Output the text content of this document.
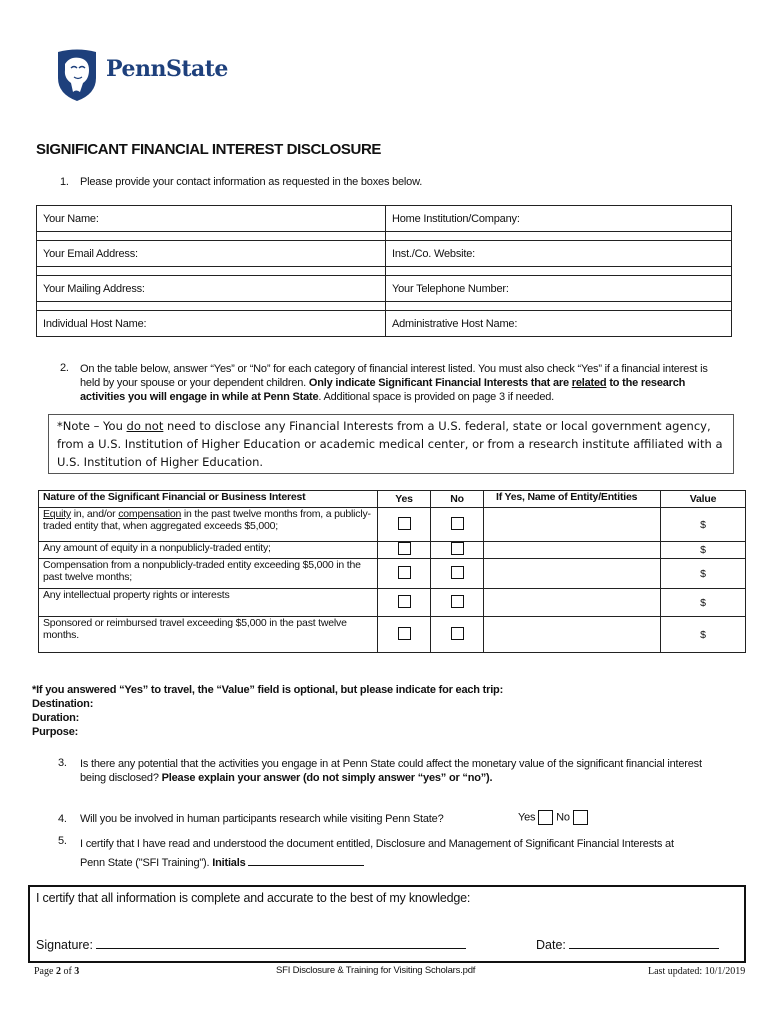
PennState
SIGNIFICANT FINANCIAL INTEREST DISCLOSURE
1. Please provide your contact information as requested in the boxes below.
Your Name:	Home Institution/Company:

Your Email Address:	Inst./Co. Website:

Your Mailing Address:	Your Telephone Number:

Individual Host Name:	Administrative Host Name:
2. On the table below, answer “Yes” or “No” for each category of financial interest listed. You must also check “Yes” if a financial interest is held by your spouse or your dependent children. Only indicate Significant Financial Interests that are related to the research activities you will engage in while at Penn State. Additional space is provided on page 3 if needed.
*Note – You do not need to disclose any Financial Interests from a U.S. federal, state or local government agency, from a U.S. Institution of Higher Education or academic medical center, or from a research institute affiliated with a U.S. Institution of Higher Education.
Nature of the Significant Financial or Business Interest	Yes	No	If Yes, Name of Entity/Entities	Value
Equity in, and/or compensation in the past twelve months from, a publicly-traded entity that, when aggregated exceeds $5,000;				$
Any amount of equity in a nonpublicly-traded entity;				$
Compensation from a nonpublicly-traded entity exceeding $5,000 in the past twelve months;				$
Any intellectual property rights or interests				$
Sponsored or reimbursed travel exceeding $5,000 in the past twelve months.				$
*If you answered “Yes” to travel, the “Value” field is optional, but please indicate for each trip:
Destination:
Duration:
Purpose:
3. Is there any potential that the activities you engage in at Penn State could affect the monetary value of the significant financial interest being disclosed? Please explain your answer (do not simply answer “yes” or “no”).
4. Will you be involved in human participants research while visiting Penn State?	Yes No
5. I certify that I have read and understood the document entitled, Disclosure and Management of Significant Financial Interests at Penn State ("SFI Training"). Initials
I certify that all information is complete and accurate to the best of my knowledge:
Signature:	Date:
Page 2 of 3	SFI Disclosure & Training for Visiting Scholars.pdf	Last updated: 10/1/2019
